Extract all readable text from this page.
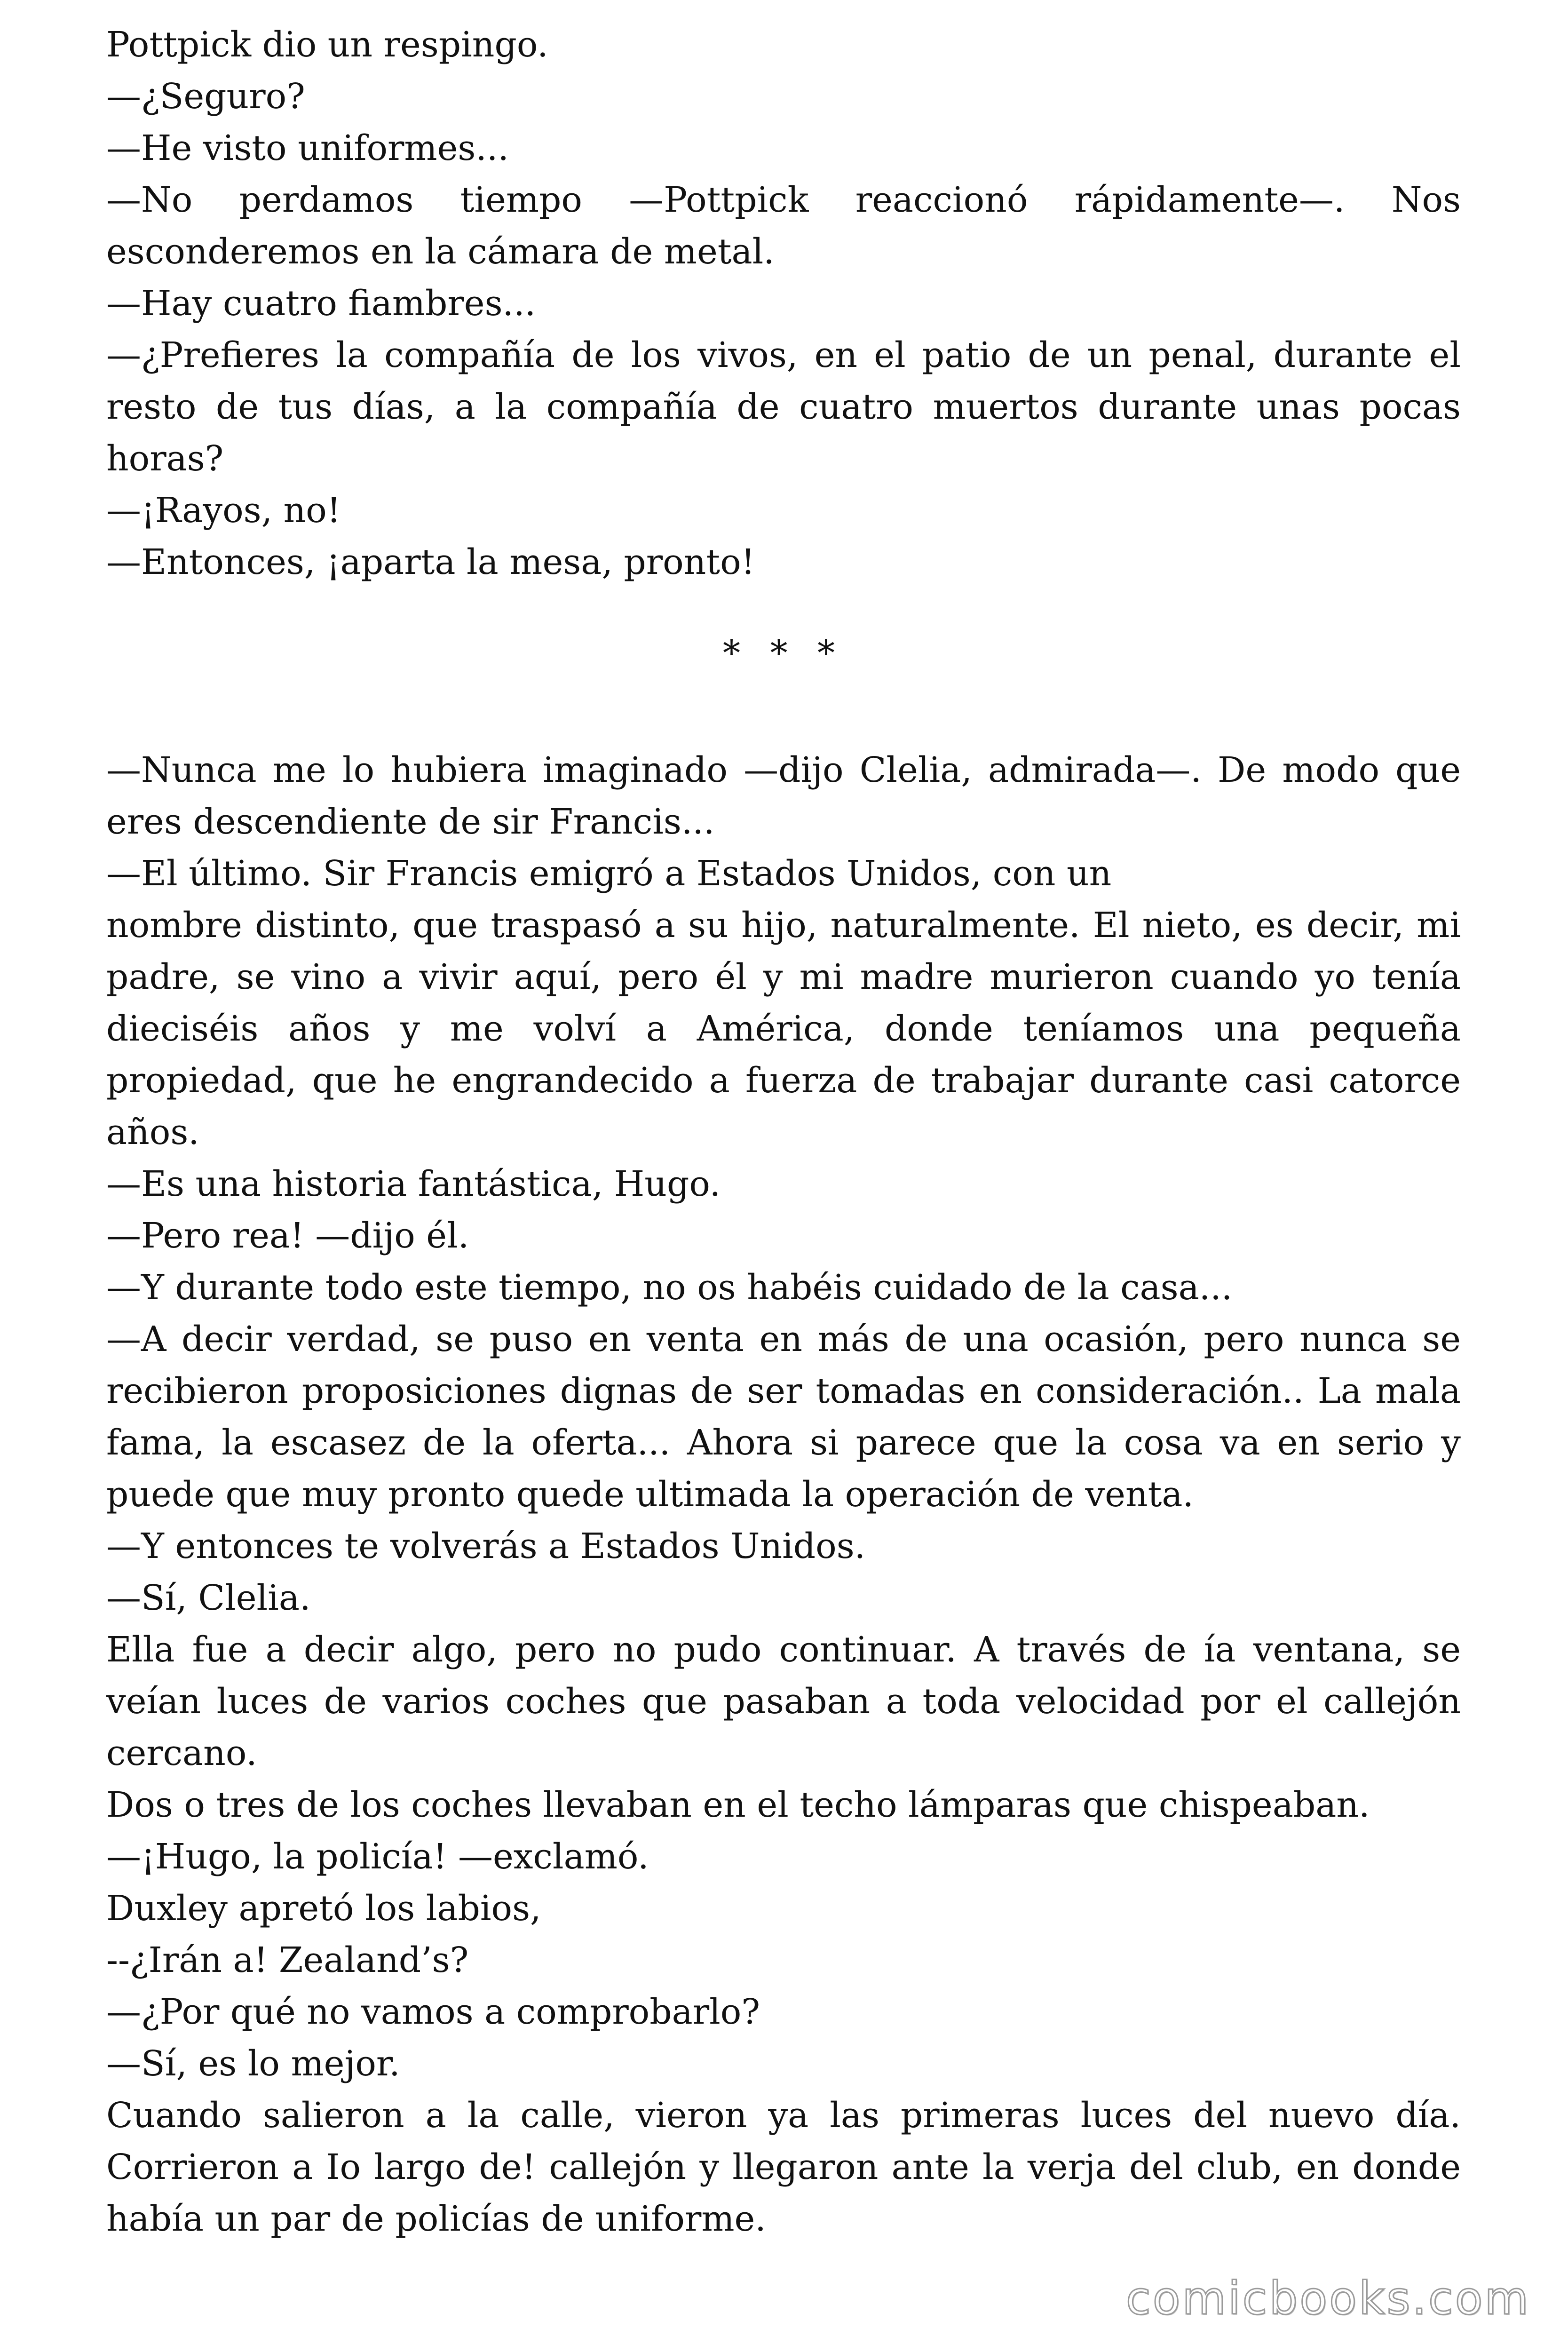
Pottpick dio un respingo.

—¿Seguro?

—He visto uniformes...

—No perdamos tiempo —Pottpick reaccionó rápidamente—. Nos esconderemos en la cámara de metal.

—Hay cuatro fiambres...

—¿Prefieres la compañía de los vivos, en el patio de un penal, durante el resto de tus días, a la compañía de cuatro muertos durante unas pocas horas?

—¡Rayos, no!

—Entonces, ¡aparta la mesa, pronto!

* * *

—Nunca me lo hubiera imaginado —dijo Clelia, admirada—. De modo que eres descendiente de sir Francis...

—El último. Sir Francis emigró a Estados Unidos, con un

nombre distinto, que traspasó a su hijo, naturalmente. El nieto, es decir, mi padre, se vino a vivir aquí, pero él y mi madre murieron cuando yo tenía dieciséis años y me volví a América, donde teníamos una pequeña propiedad, que he engrandecido a fuerza de trabajar durante casi catorce años.

—Es una historia fantástica, Hugo.

—Pero rea! —dijo él.

—Y durante todo este tiempo, no os habéis cuidado de la casa...

—A decir verdad, se puso en venta en más de una ocasión, pero nunca se recibieron proposiciones dignas de ser tomadas en consideración.. La mala fama, la escasez de la oferta... Ahora si parece que la cosa va en serio y puede que muy pronto quede ultimada la operación de venta.

—Y entonces te volverás a Estados Unidos.

—Sí, Clelia.

Ella fue a decir algo, pero no pudo continuar. A través de ía ventana, se veían luces de varios coches que pasaban a toda velocidad por el callejón cercano.

Dos o tres de los coches llevaban en el techo lámparas que chispeaban.

—¡Hugo, la policía! —exclamó.

Duxley apretó los labios,

--¿Irán a! Zealand’s?

—¿Por qué no vamos a comprobarlo?

—Sí, es lo mejor.

Cuando salieron a la calle, vieron ya las primeras luces del nuevo día. Corrieron a Io largo de! callejón y llegaron ante la verja del club, en donde había un par de policías de uniforme.

comicbooks.com
